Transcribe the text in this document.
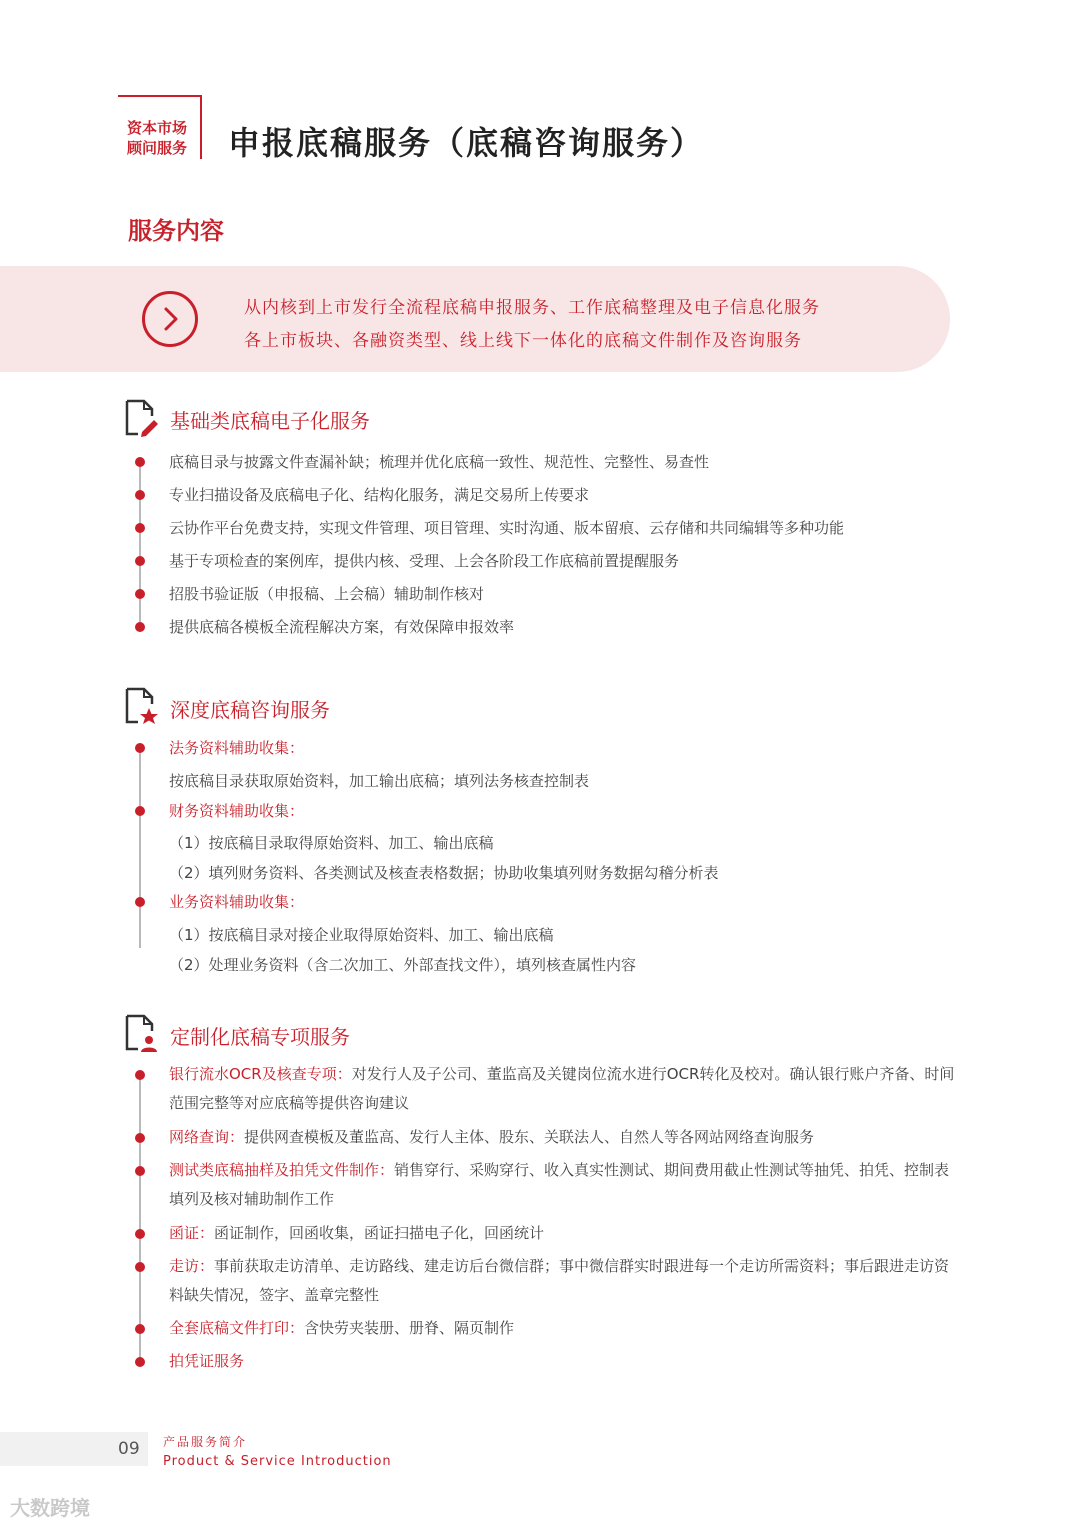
资本市场
顾问服务 申报底稿服务（底稿咨询服务）
服务内容
从内核到上市发行全流程底稿申报服务、工作底稿整理及电子信息化服务
各上市板块、各融资类型、线上线下一体化的底稿文件制作及咨询服务
基础类底稿电子化服务
底稿目录与披露文件查漏补缺；梳理并优化底稿一致性、规范性、完整性、易查性
专业扫描设备及底稿电子化、结构化服务，满足交易所上传要求
云协作平台免费支持，实现文件管理、项目管理、实时沟通、版本留痕、云存储和共同编辑等多种功能
基于专项检查的案例库，提供内核、受理、上会各阶段工作底稿前置提醒服务
招股书验证版（申报稿、上会稿）辅助制作核对
提供底稿各模板全流程解决方案，有效保障申报效率
深度底稿咨询服务
法务资料辅助收集：
按底稿目录获取原始资料，加工输出底稿；填列法务核查控制表
财务资料辅助收集：
（1）按底稿目录取得原始资料、加工、输出底稿
（2）填列财务资料、各类测试及核查表格数据；协助收集填列财务数据勾稽分析表
业务资料辅助收集：
（1）按底稿目录对接企业取得原始资料、加工、输出底稿
（2）处理业务资料（含二次加工、外部查找文件），填列核查属性内容
定制化底稿专项服务
银行流水OCR及核查专项：对发行人及子公司、董监高及关键岗位流水进行OCR转化及校对。确认银行账户齐备、时间范围完整等对应底稿等提供咨询建议
网络查询：提供网查模板及董监高、发行人主体、股东、关联法人、自然人等各网站网络查询服务
测试类底稿抽样及拍凭文件制作：销售穿行、采购穿行、收入真实性测试、期间费用截止性测试等抽凭、拍凭、控制表填列及核对辅助制作工作
函证：函证制作，回函收集，函证扫描电子化，回函统计
走访：事前获取走访清单、走访路线、建走访后台微信群；事中微信群实时跟进每一个走访所需资料；事后跟进走访资料缺失情况，签字、盖章完整性
全套底稿文件打印：含快劳夹装册、册脊、隔页制作
拍凭证服务
09 产品服务简介
Product & Service Introduction
大数跨境
